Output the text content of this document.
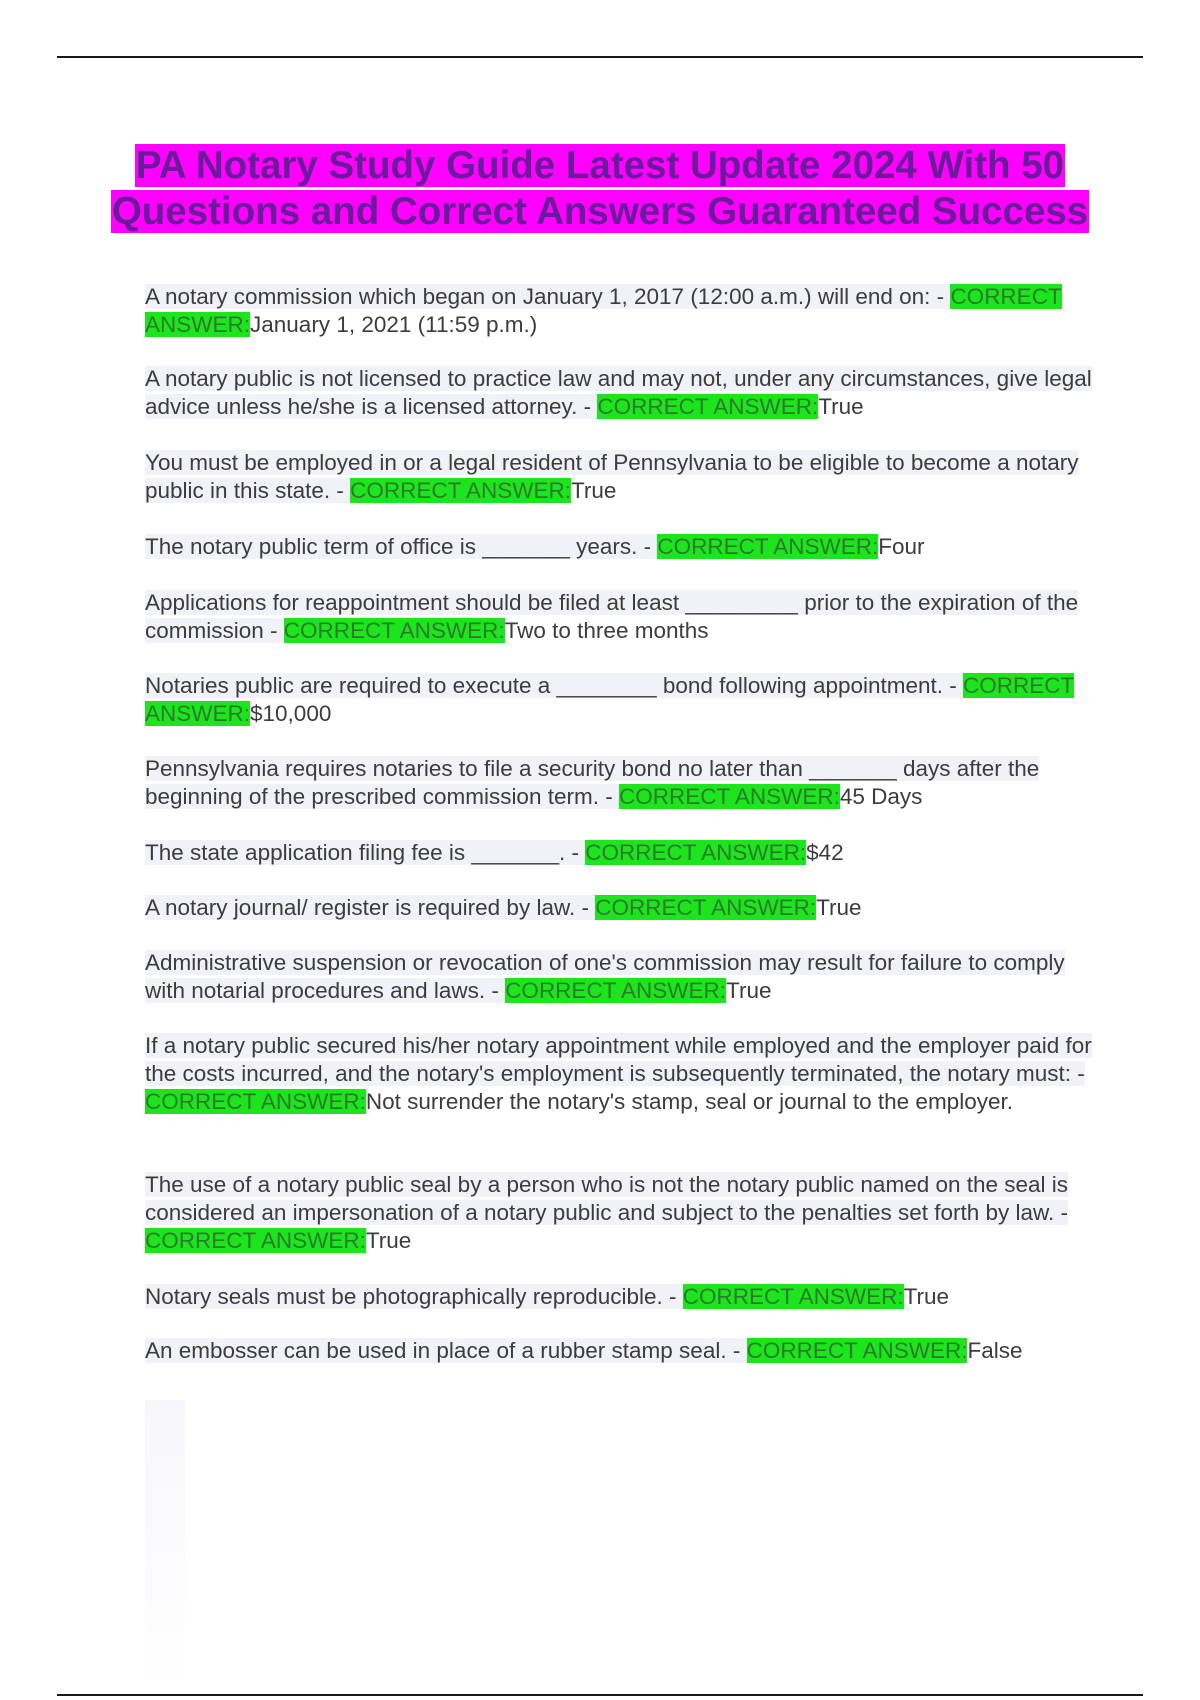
PA Notary Study Guide Latest Update 2024 With 50 Questions and Correct Answers Guaranteed Success

A notary commission which began on January 1, 2017 (12:00 a.m.) will end on: - CORRECT ANSWER:January 1, 2021 (11:59 p.m.)

A notary public is not licensed to practice law and may not, under any circumstances, give legal advice unless he/she is a licensed attorney. - CORRECT ANSWER:True

You must be employed in or a legal resident of Pennsylvania to be eligible to become a notary public in this state. - CORRECT ANSWER:True

The notary public term of office is _______ years. - CORRECT ANSWER:Four

Applications for reappointment should be filed at least _________ prior to the expiration of the commission - CORRECT ANSWER:Two to three months

Notaries public are required to execute a ________ bond following appointment. - CORRECT ANSWER:$10,000

Pennsylvania requires notaries to file a security bond no later than _______ days after the beginning of the prescribed commission term. - CORRECT ANSWER:45 Days

The state application filing fee is _______. - CORRECT ANSWER:$42

A notary journal/ register is required by law. - CORRECT ANSWER:True

Administrative suspension or revocation of one's commission may result for failure to comply with notarial procedures and laws. - CORRECT ANSWER:True

If a notary public secured his/her notary appointment while employed and the employer paid for the costs incurred, and the notary's employment is subsequently terminated, the notary must: - CORRECT ANSWER:Not surrender the notary's stamp, seal or journal to the employer.

The use of a notary public seal by a person who is not the notary public named on the seal is considered an impersonation of a notary public and subject to the penalties set forth by law. - CORRECT ANSWER:True

Notary seals must be photographically reproducible. - CORRECT ANSWER:True

An embosser can be used in place of a rubber stamp seal. - CORRECT ANSWER:False
